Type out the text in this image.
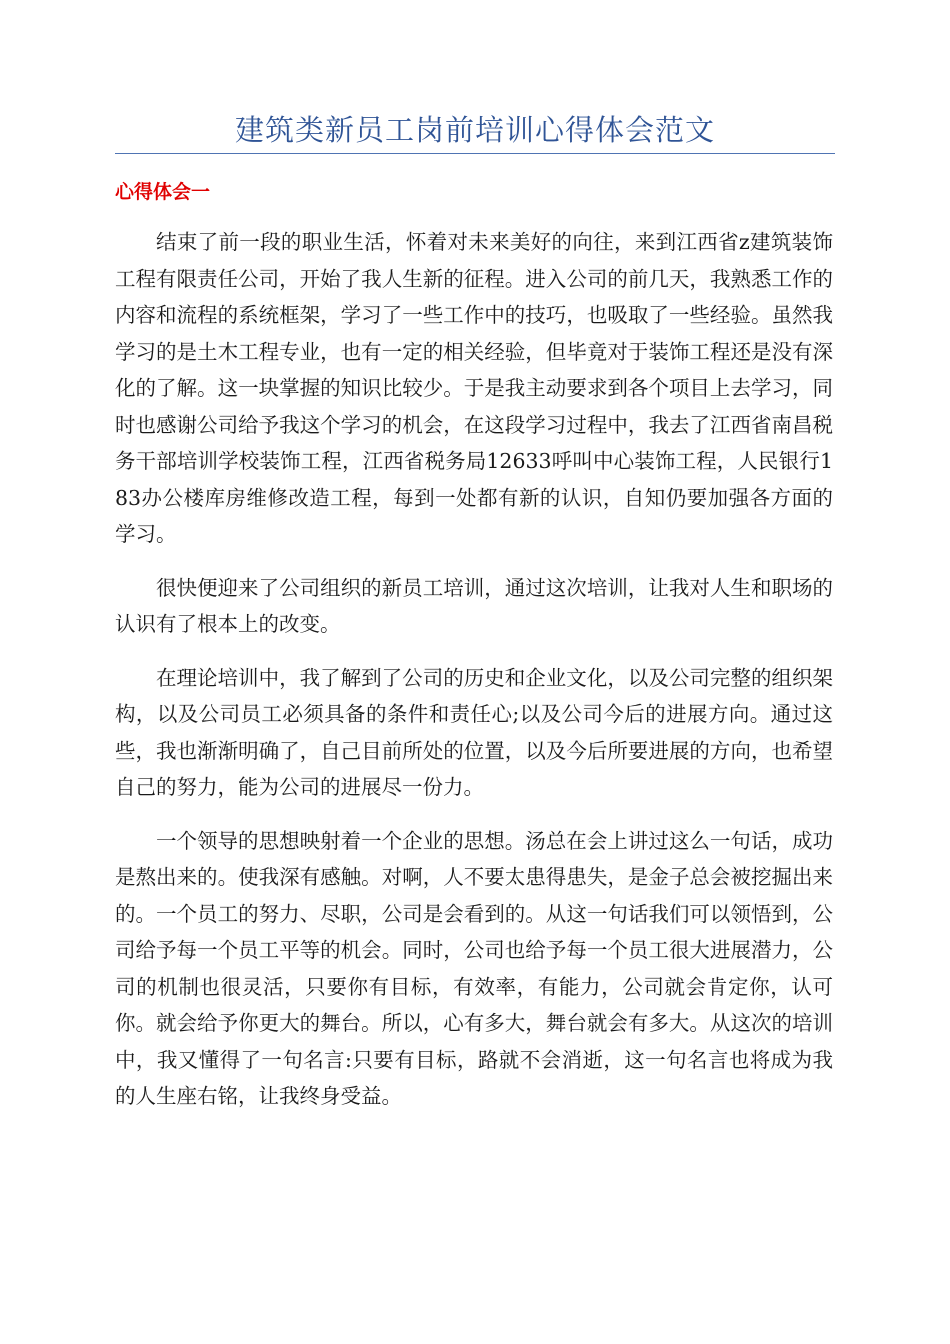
建筑类新员工岗前培训心得体会范文
心得体会一

结束了前一段的职业生活，怀着对未来美好的向往，来到江西省z建筑装饰工程有限责任公司，开始了我人生新的征程。进入公司的前几天，我熟悉工作的内容和流程的系统框架，学习了一些工作中的技巧，也吸取了一些经验。虽然我学习的是土木工程专业，也有一定的相关经验，但毕竟对于装饰工程还是没有深化的了解。这一块掌握的知识比较少。于是我主动要求到各个项目上去学习，同时也感谢公司给予我这个学习的机会，在这段学习过程中，我去了江西省南昌税务干部培训学校装饰工程，江西省税务局12633呼叫中心装饰工程，人民银行183办公楼库房维修改造工程，每到一处都有新的认识，自知仍要加强各方面的学习。

很快便迎来了公司组织的新员工培训，通过这次培训，让我对人生和职场的认识有了根本上的改变。

在理论培训中，我了解到了公司的历史和企业文化，以及公司完整的组织架构，以及公司员工必须具备的条件和责任心;以及公司今后的进展方向。通过这些，我也渐渐明确了，自己目前所处的位置，以及今后所要进展的方向，也希望自己的努力，能为公司的进展尽一份力。

一个领导的思想映射着一个企业的思想。汤总在会上讲过这么一句话，成功是熬出来的。使我深有感触。对啊，人不要太患得患失，是金子总会被挖掘出来的。一个员工的努力、尽职，公司是会看到的。从这一句话我们可以领悟到，公司给予每一个员工平等的机会。同时，公司也给予每一个员工很大进展潜力，公司的机制也很灵活，只要你有目标，有效率，有能力，公司就会肯定你，认可你。就会给予你更大的舞台。所以，心有多大，舞台就会有多大。从这次的培训中，我又懂得了一句名言:只要有目标，路就不会消逝，这一句名言也将成为我的人生座右铭，让我终身受益。
